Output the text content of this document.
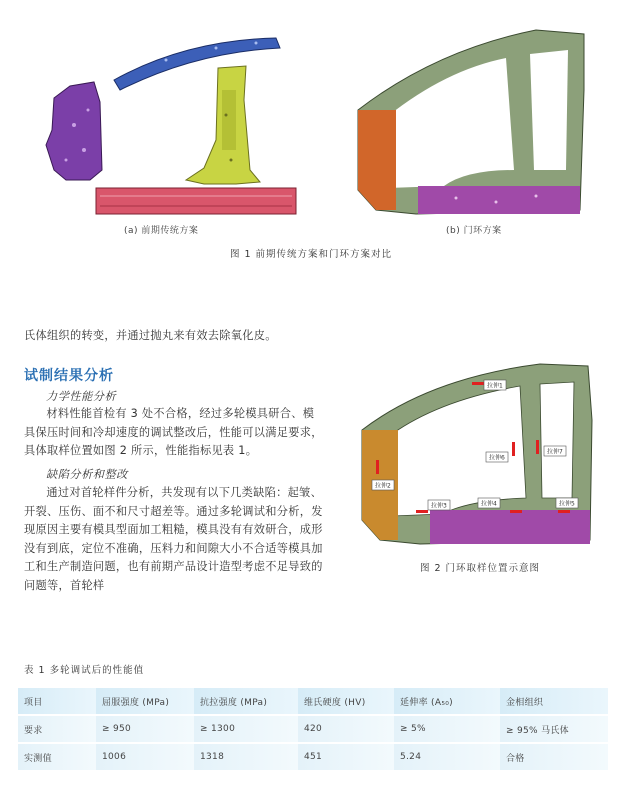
(a) 前期传统方案	(b) 门环方案
图 1 前期传统方案和门环方案对比
氏体组织的转变，并通过抛丸来有效去除氧化皮。
试制结果分析
力学性能分析
材料性能首检有 3 处不合格，经过多轮模具研合、模具保压时间和冷却速度的调试整改后，性能可以满足要求，具体取样位置如图 2 所示，性能指标见表 1。
缺陷分析和整改
通过对首轮样件分析，共发现有以下几类缺陷：起皱、开裂、压伤、面不和尺寸超差等。通过多轮调试和分析，发现原因主要有模具型面加工粗糙，模具没有有效研合，成形没有到底，定位不准确，压料力和间隙大小不合适等模具加工和生产制造问题，也有前期产品设计造型考虑不足导致的问题等，首轮样
拉伸1
拉伸2
拉伸3	拉伸4	拉伸5
拉伸6
拉伸7
图 2 门环取样位置示意图
表 1 多轮调试后的性能值
项目	屈服强度 (MPa)	抗拉强度 (MPa)	维氏硬度 (HV)	延伸率 (A₅₀)	金相组织
要求	≥ 950	≥ 1300	420	≥ 5%	≥ 95% 马氏体
实测值	1006	1318	451	5.24	合格
